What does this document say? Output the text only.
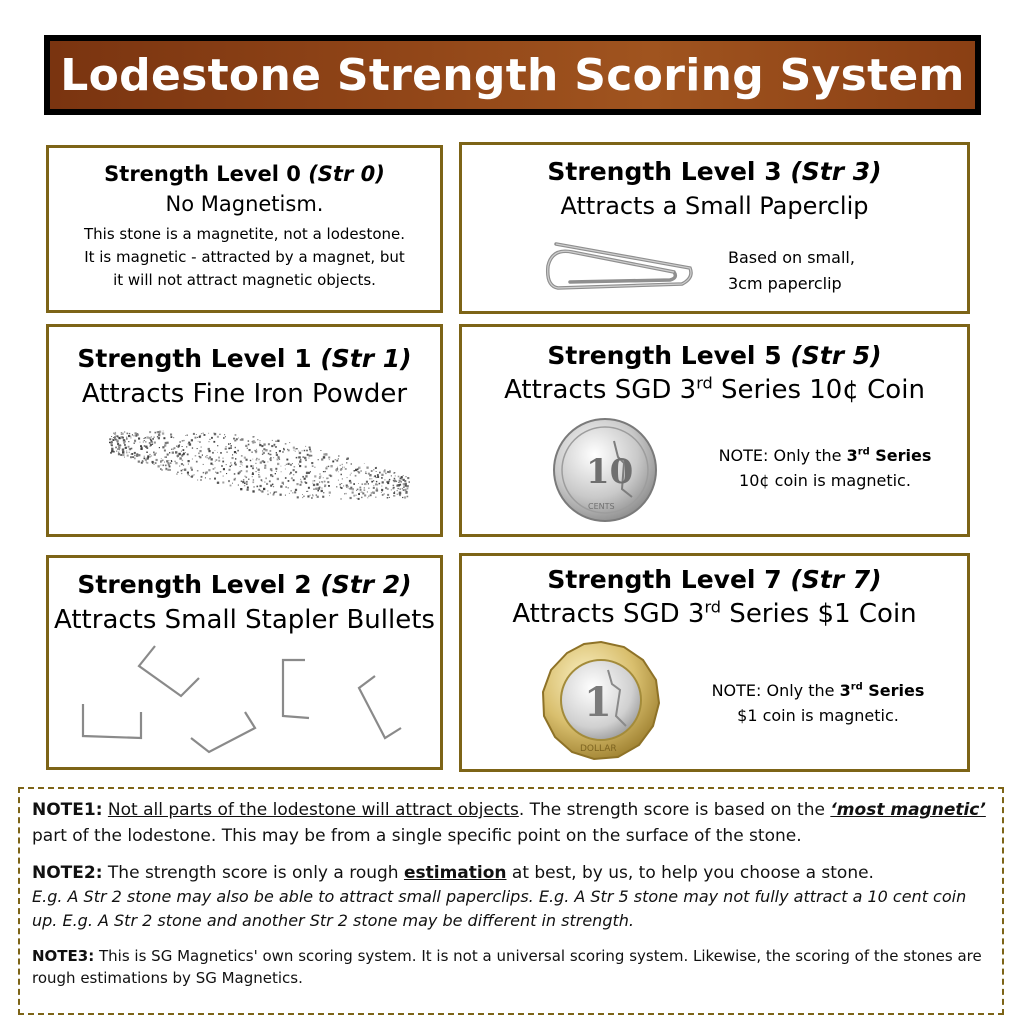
Lodestone Strength Scoring System
Strength Level 0 (Str 0)
No Magnetism.
This stone is a magnetite, not a lodestone.
It is magnetic - attracted by a magnet, but
it will not attract magnetic objects.
Strength Level 3 (Str 3)
Attracts a Small Paperclip
Based on small,
3cm paperclip
Strength Level 1 (Str 1)
Attracts Fine Iron Powder
Strength Level 5 (Str 5)
Attracts SGD 3rd Series 10¢ Coin
10
CENTS
NOTE: Only the 3rd Series
10¢ coin is magnetic.
Strength Level 2 (Str 2)
Attracts Small Stapler Bullets
Strength Level 7 (Str 7)
Attracts SGD 3rd Series $1 Coin
1
DOLLAR
NOTE: Only the 3rd Series
$1 coin is magnetic.

NOTE1: Not all parts of the lodestone will attract objects. The strength score is based on the ‘most magnetic’ part of the lodestone. This may be from a single specific point on the surface of the stone.

NOTE2: The strength score is only a rough estimation at best, by us, to help you choose a stone.
E.g. A Str 2 stone may also be able to attract small paperclips. E.g. A Str 5 stone may not fully attract a 10 cent coin up. E.g. A Str 2 stone and another Str 2 stone may be different in strength.

NOTE3: This is SG Magnetics' own scoring system. It is not a universal scoring system. Likewise, the scoring of the stones are rough estimations by SG Magnetics.
